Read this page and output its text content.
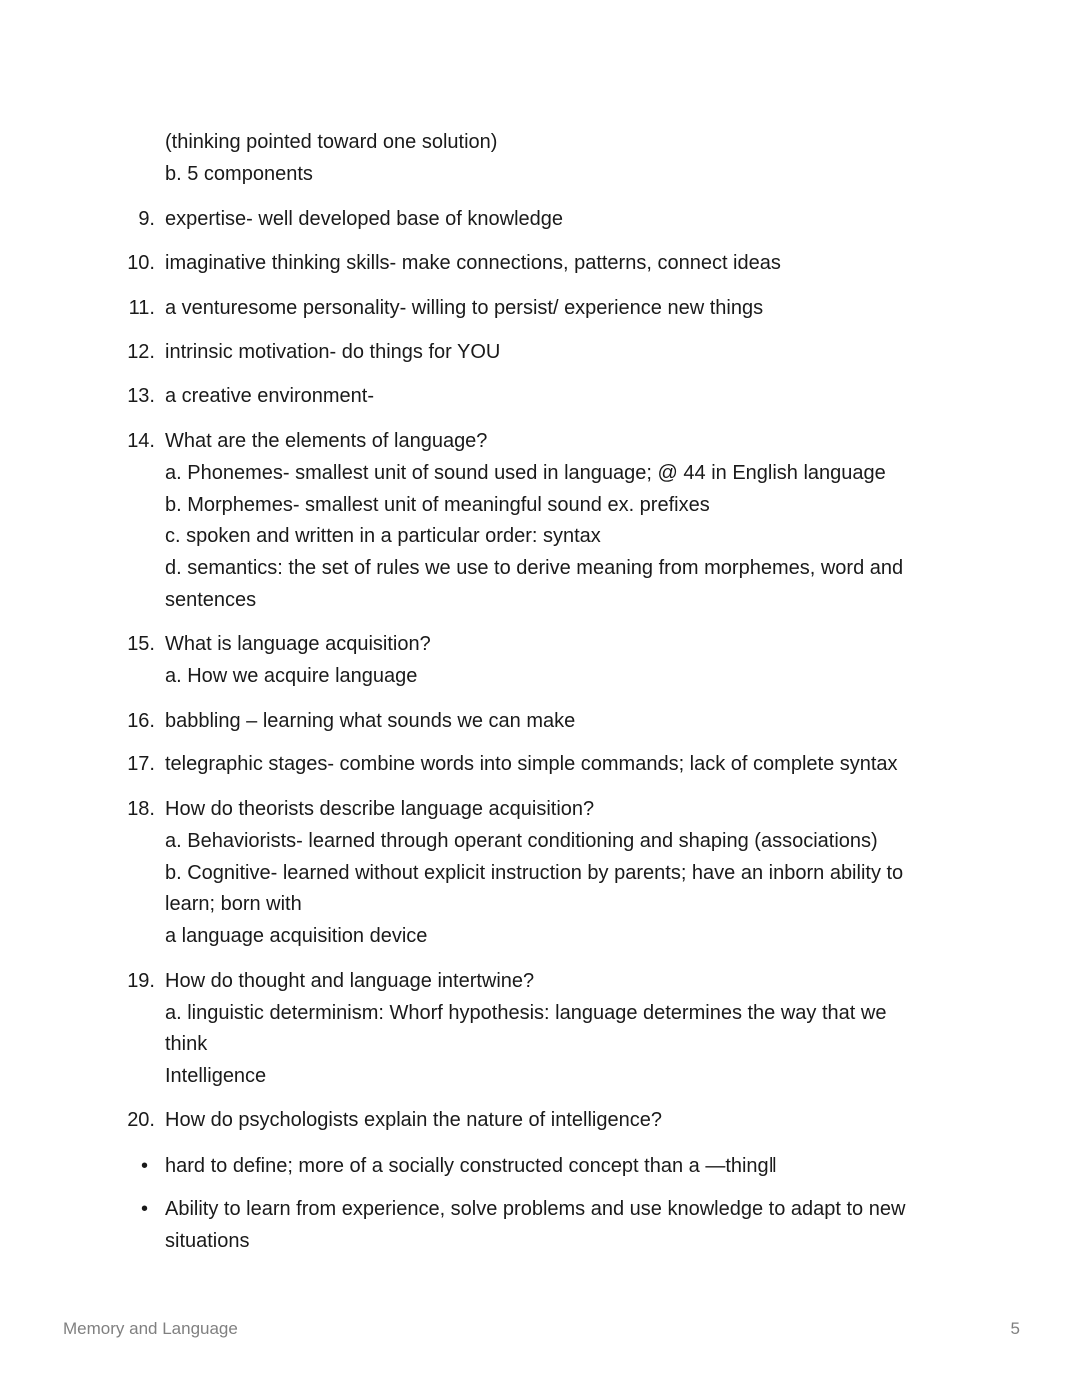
(thinking pointed toward one solution)
b. 5 components
9. expertise- well developed base of knowledge
10. imaginative thinking skills- make connections, patterns, connect ideas
11. a venturesome personality- willing to persist/ experience new things
12. intrinsic motivation- do things for YOU
13. a creative environment-
14. What are the elements of language?
a. Phonemes- smallest unit of sound used in language; @ 44 in English language
b. Morphemes- smallest unit of meaningful sound ex. prefixes
c. spoken and written in a particular order: syntax
d. semantics: the set of rules we use to derive meaning from morphemes, word and
sentences
15. What is language acquisition?
a. How we acquire language
16. babbling – learning what sounds we can make
17. telegraphic stages- combine words into simple commands; lack of complete syntax
18. How do theorists describe language acquisition?
a. Behaviorists- learned through operant conditioning and shaping (associations)
b. Cognitive- learned without explicit instruction by parents; have an inborn ability to
learn; born with
a language acquisition device
19. How do thought and language intertwine?
a. linguistic determinism: Whorf hypothesis: language determines the way that we
think
Intelligence
20. How do psychologists explain the nature of intelligence?
• hard to define; more of a socially constructed concept than a ―thing‖
• Ability to learn from experience, solve problems and use knowledge to adapt to new
situations
Memory and Language	5
